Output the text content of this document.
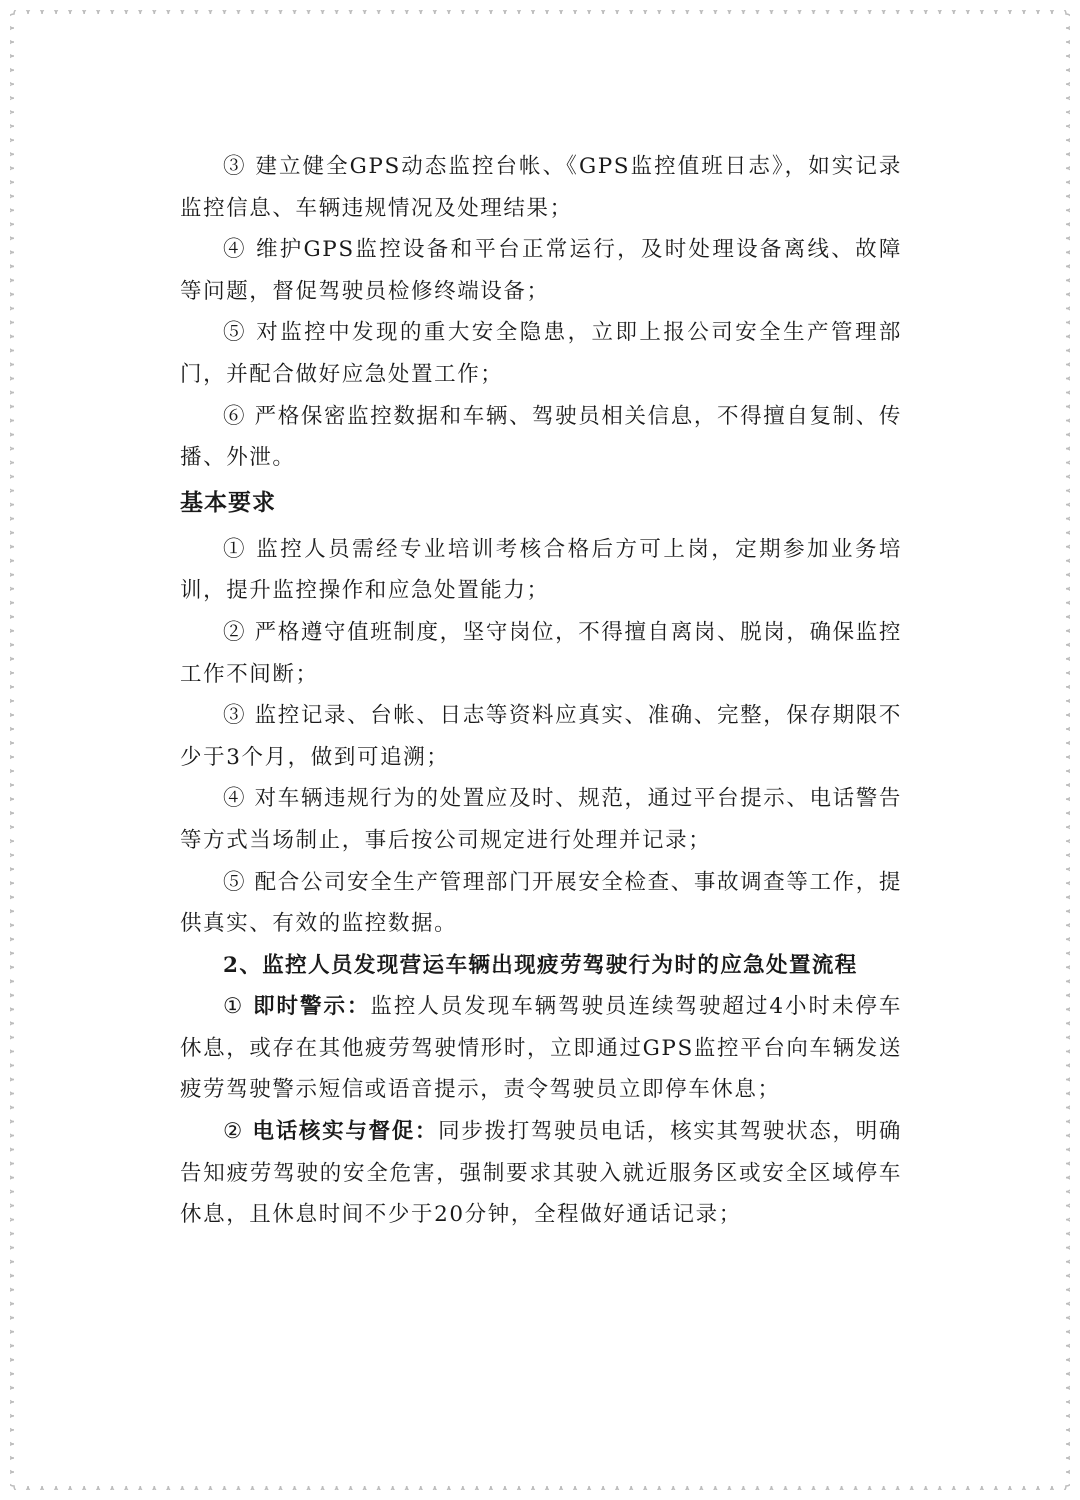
③ 建立健全GPS动态监控台帐、《GPS监控值班日志》，如实记录监控信息、车辆违规情况及处理结果；

④ 维护GPS监控设备和平台正常运行，及时处理设备离线、故障等问题，督促驾驶员检修终端设备；

⑤ 对监控中发现的重大安全隐患，立即上报公司安全生产管理部门，并配合做好应急处置工作；

⑥ 严格保密监控数据和车辆、驾驶员相关信息，不得擅自复制、传播、外泄。

基本要求

① 监控人员需经专业培训考核合格后方可上岗，定期参加业务培训，提升监控操作和应急处置能力；

② 严格遵守值班制度，坚守岗位，不得擅自离岗、脱岗，确保监控工作不间断；

③ 监控记录、台帐、日志等资料应真实、准确、完整，保存期限不少于3个月，做到可追溯；

④ 对车辆违规行为的处置应及时、规范，通过平台提示、电话警告等方式当场制止，事后按公司规定进行处理并记录；

⑤ 配合公司安全生产管理部门开展安全检查、事故调查等工作，提供真实、有效的监控数据。

2、监控人员发现营运车辆出现疲劳驾驶行为时的应急处置流程

① 即时警示：监控人员发现车辆驾驶员连续驾驶超过4小时未停车休息，或存在其他疲劳驾驶情形时，立即通过GPS监控平台向车辆发送疲劳驾驶警示短信或语音提示，责令驾驶员立即停车休息；

② 电话核实与督促：同步拨打驾驶员电话，核实其驾驶状态，明确告知疲劳驾驶的安全危害，强制要求其驶入就近服务区或安全区域停车休息，且休息时间不少于20分钟，全程做好通话记录；
